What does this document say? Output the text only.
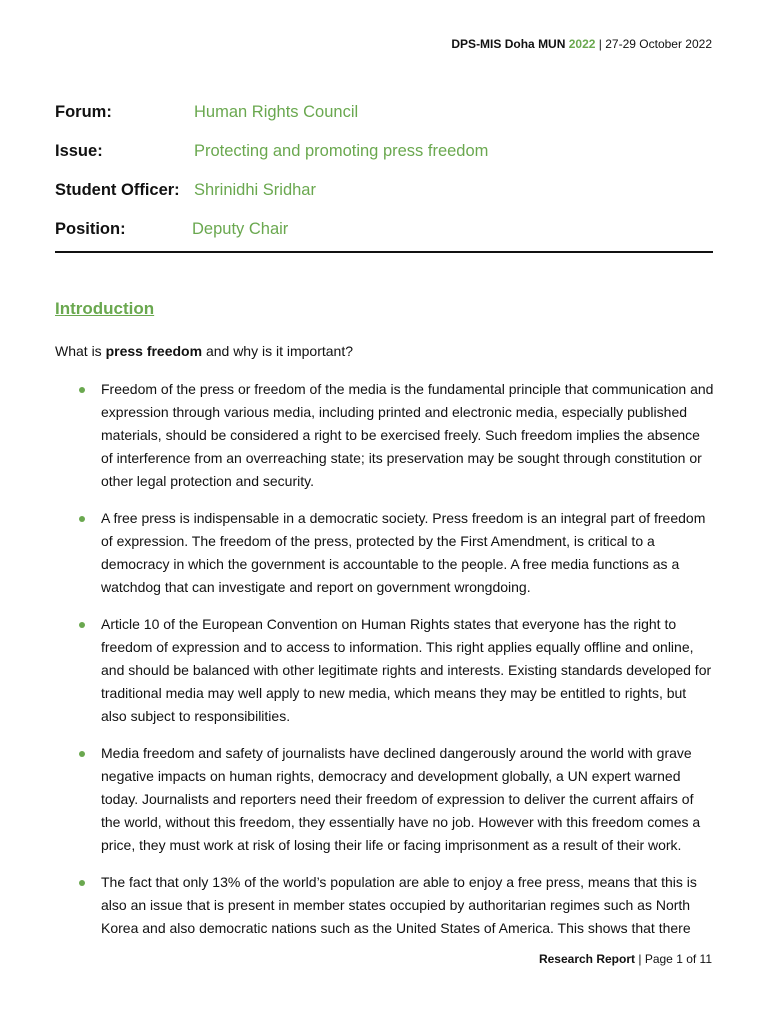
DPS-MIS Doha MUN 2022 | 27-29 October 2022
Forum:	Human Rights Council
Issue:	Protecting and promoting press freedom
Student Officer: Shrinidhi Sridhar
Position:	Deputy Chair
Introduction
What is press freedom and why is it important?
Freedom of the press or freedom of the media is the fundamental principle that communication and expression through various media, including printed and electronic media, especially published materials, should be considered a right to be exercised freely. Such freedom implies the absence of interference from an overreaching state; its preservation may be sought through constitution or other legal protection and security.
A free press is indispensable in a democratic society. Press freedom is an integral part of freedom of expression. The freedom of the press, protected by the First Amendment, is critical to a democracy in which the government is accountable to the people. A free media functions as a watchdog that can investigate and report on government wrongdoing.
Article 10 of the European Convention on Human Rights states that everyone has the right to freedom of expression and to access to information. This right applies equally offline and online, and should be balanced with other legitimate rights and interests. Existing standards developed for traditional media may well apply to new media, which means they may be entitled to rights, but also subject to responsibilities.
Media freedom and safety of journalists have declined dangerously around the world with grave negative impacts on human rights, democracy and development globally, a UN expert warned today. Journalists and reporters need their freedom of expression to deliver the current affairs of the world, without this freedom, they essentially have no job. However with this freedom comes a price, they must work at risk of losing their life or facing imprisonment as a result of their work.
The fact that only 13% of the world’s population are able to enjoy a free press, means that this is also an issue that is present in member states occupied by authoritarian regimes such as North Korea and also democratic nations such as the United States of America. This shows that there
Research Report | Page 1 of 11
